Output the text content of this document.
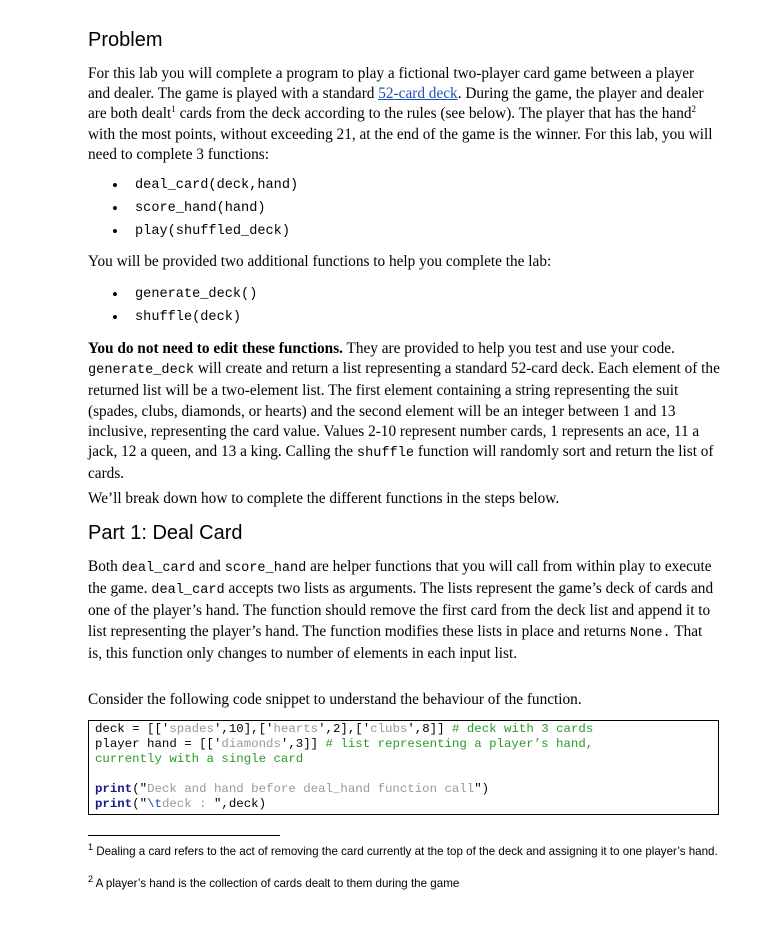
Problem

For this lab you will complete a program to play a fictional two-player card game between a player and dealer. The game is played with a standard 52-card deck. During the game, the player and dealer are both dealt$^1$ cards from the deck according to the rules (see below). The player that has the hand$^2$ with the most points, without exceeding 21, at the end of the game is the winner. For this lab, you will need to complete 3 functions:

• deal_card(deck,hand)
• score_hand(hand)
• play(shuffled_deck)

You will be provided two additional functions to help you complete the lab:

• generate_deck()
• shuffle(deck)

You do not need to edit these functions. They are provided to help you test and use your code. generate_deck will create and return a list representing a standard 52-card deck. Each element of the returned list will be a two-element list. The first element containing a string representing the suit (spades, clubs, diamonds, or hearts) and the second element will be an integer between 1 and 13 inclusive, representing the card value. Values 2-10 represent number cards, 1 represents an ace, 11 a jack, 12 a queen, and 13 a king. Calling the shuffle function will randomly sort and return the list of cards.

We’ll break down how to complete the different functions in the steps below.

Part 1: Deal Card

Both deal_card and score_hand are helper functions that you will call from within play to execute the game. deal_card accepts two lists as arguments. The lists represent the game’s deck of cards and one of the player’s hand. The function should remove the first card from the deck list and append it to list representing the player’s hand. The function modifies these lists in place and returns None. That is, this function only changes to number of elements in each input list.

Consider the following code snippet to understand the behaviour of the function.

deck = [['spades',10],['hearts',2],['clubs',8]] # deck with 3 cards
player hand = [['diamonds',3]] # list representing a player’s hand,
currently with a single card

print("Deck and hand before deal_hand function call")
print("\tdeck : ",deck)

$^1$ Dealing a card refers to the act of removing the card currently at the top of the deck and assigning it to one player’s hand.

$^2$ A player’s hand is the collection of cards dealt to them during the game
